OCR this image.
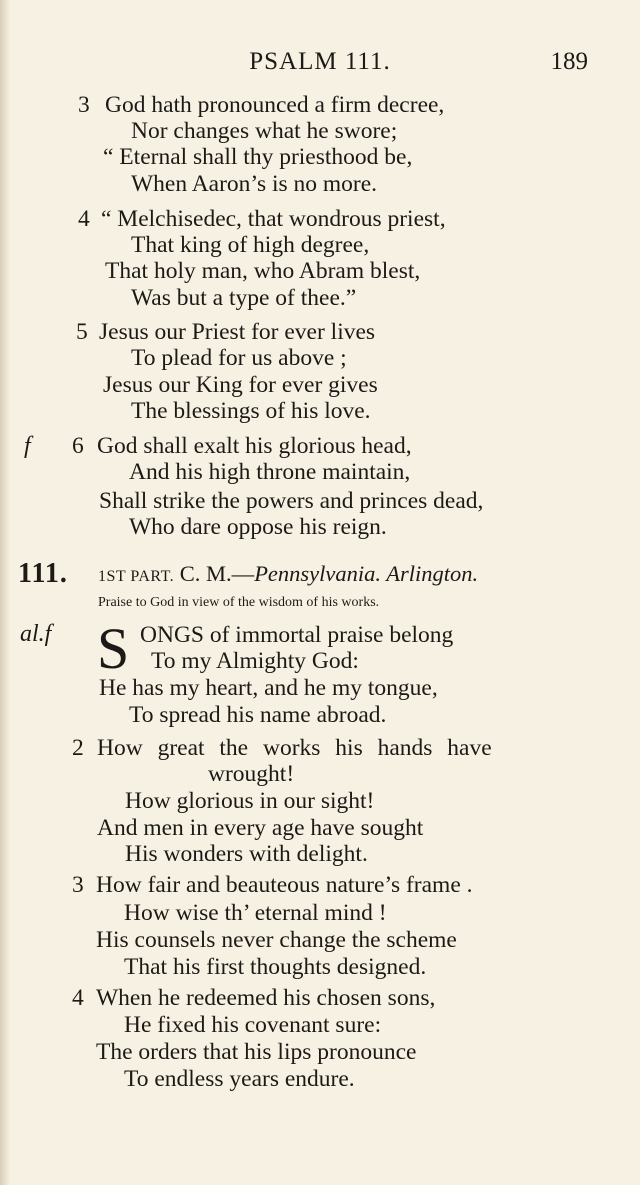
PSALM 111.	189
3 God hath pronounced a firm decree,
Nor changes what he swore;
“ Eternal shall thy priesthood be,
When Aaron’s is no more.
4 “ Melchisedec, that wondrous priest,
That king of high degree,
That holy man, who Abram blest,
Was but a type of thee.”
5 Jesus our Priest for ever lives
To plead for us above ;
Jesus our King for ever gives
The blessings of his love.
f 6 God shall exalt his glorious head,
And his high throne maintain,
Shall strike the powers and princes dead,
Who dare oppose his reign.
111. 1ST PART. C. M.—Pennsylvania. Arlington.
Praise to God in view of the wisdom of his works.
al.f S ONGS of immortal praise belong
To my Almighty God:
He has my heart, and he my tongue,
To spread his name abroad.
2 How great the works his hands have
wrought!
How glorious in our sight!
And men in every age have sought
His wonders with delight.
3 How fair and beauteous nature’s frame .
How wise th’ eternal mind !
His counsels never change the scheme
That his first thoughts designed.
4 When he redeemed his chosen sons,
He fixed his covenant sure:
The orders that his lips pronounce
To endless years endure.
